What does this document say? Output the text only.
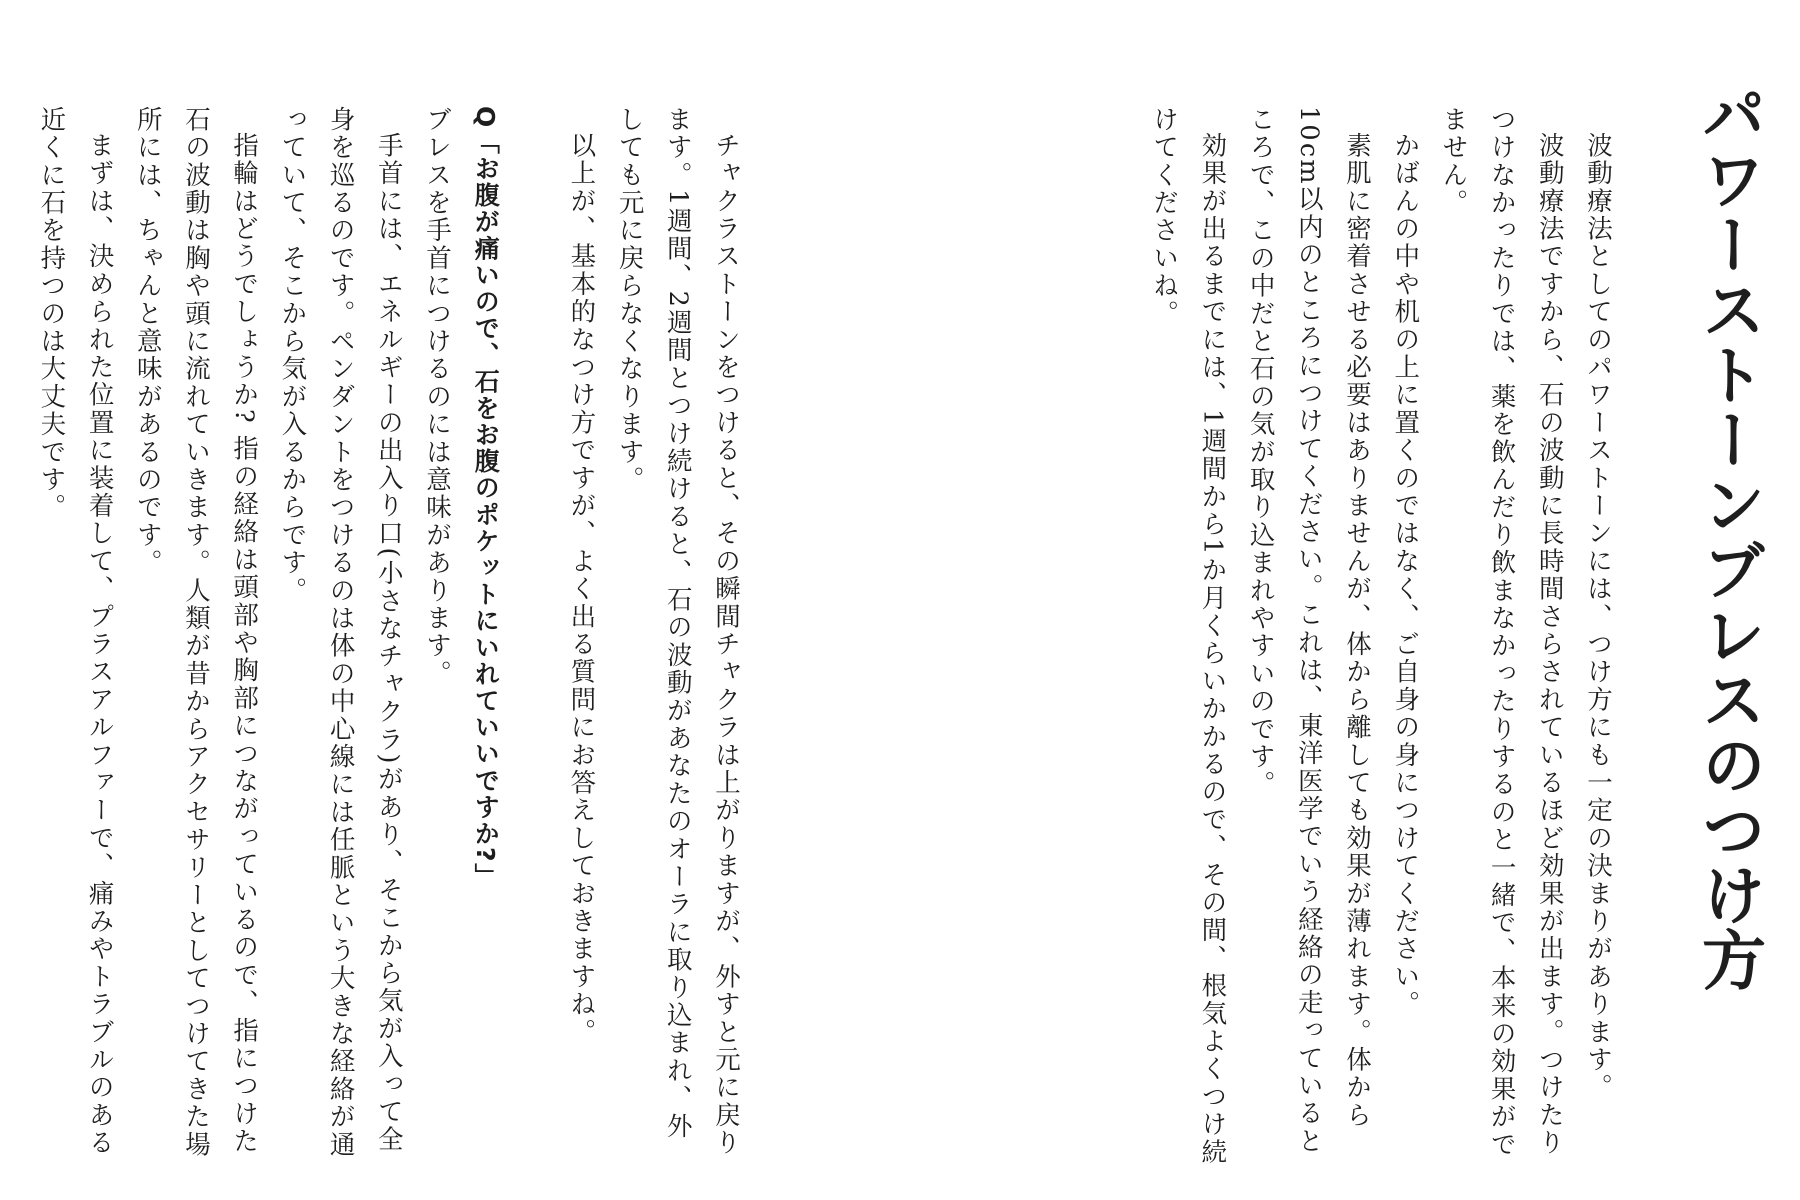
パワーストーンブレスのつけ方

波動療法としてのパワーストーンには、つけ方にも一定の決まりがあります。

波動療法ですから、石の波動に長時間さらされているほど効果が出ます。つけたりつけなかったりでは、薬を飲んだり飲まなかったりするのと一緒で、本来の効果がでません。

かばんの中や机の上に置くのではなく、ご自身の身につけてください。

素肌に密着させる必要はありませんが、体から離しても効果が薄れます。体から10cm以内のところにつけてください。これは、東洋医学でいう経絡の走っているところで、この中だと石の気が取り込まれやすいのです。

効果が出るまでには、1週間から1か月くらいかかるので、その間、根気よくつけ続けてくださいね。

チャクラストーンをつけると、その瞬間チャクラは上がりますが、外すと元に戻ります。1週間、2週間とつけ続けると、石の波動があなたのオーラに取り込まれ、外しても元に戻らなくなります。

以上が、基本的なつけ方ですが、よく出る質問にお答えしておきますね。

Q「お腹が痛いので、石をお腹のポケットにいれていいですか?」

ブレスを手首につけるのには意味があります。

手首には、エネルギーの出入り口(小さなチャクラ)があり、そこから気が入って全身を巡るのです。ペンダントをつけるのは体の中心線には任脈という大きな経絡が通っていて、そこから気が入るからです。

指輪はどうでしょうか? 指の経絡は頭部や胸部につながっているので、指につけた石の波動は胸や頭に流れていきます。人類が昔からアクセサリーとしてつけてきた場所には、ちゃんと意味があるのです。

まずは、決められた位置に装着して、プラスアルファーで、痛みやトラブルのある近くに石を持つのは大丈夫です。
